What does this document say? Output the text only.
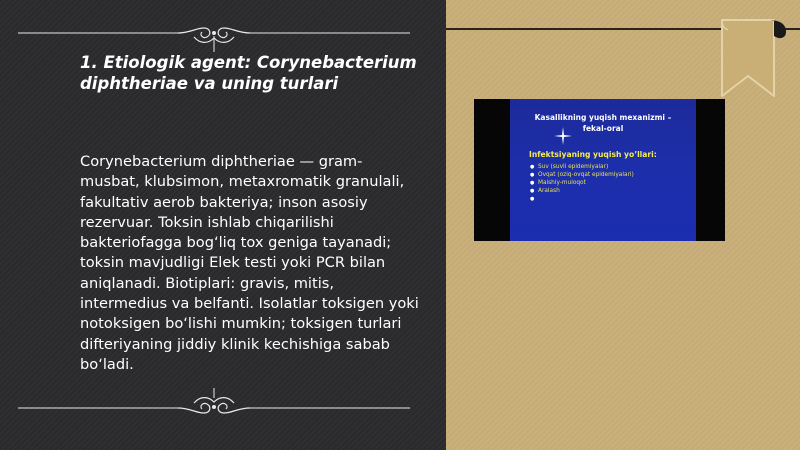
1. Etiologik agent: Corynebacterium diphtheriae va uning turlari

Corynebacterium diphtheriae — gram-musbat, klubsimon, metaxromatik granulali, fakultativ aerob bakteriya; inson asosiy rezervuar. Toksin ishlab chiqarilishi bakteriofagga bog‘liq tox geniga tayanadi; toksin mavjudligi Elek testi yoki PCR bilan aniqlanadi. Biotiplari: gravis, mitis, intermedius va belfanti. Isolatlar toksigen yoki notoksigen bo‘lishi mumkin; toksigen turlari difteriyaning jiddiy klinik kechishiga sabab bo‘ladi.

Kasallikning yuqish mexanizmi –
fekal-oral

Infektsiyaning yuqish yo’llari:

● Suv (suvli epidemiyalar)
● Ovqat (oziq-ovqat epidemiyalari)
● Maishiy-muloqot
● Aralash
